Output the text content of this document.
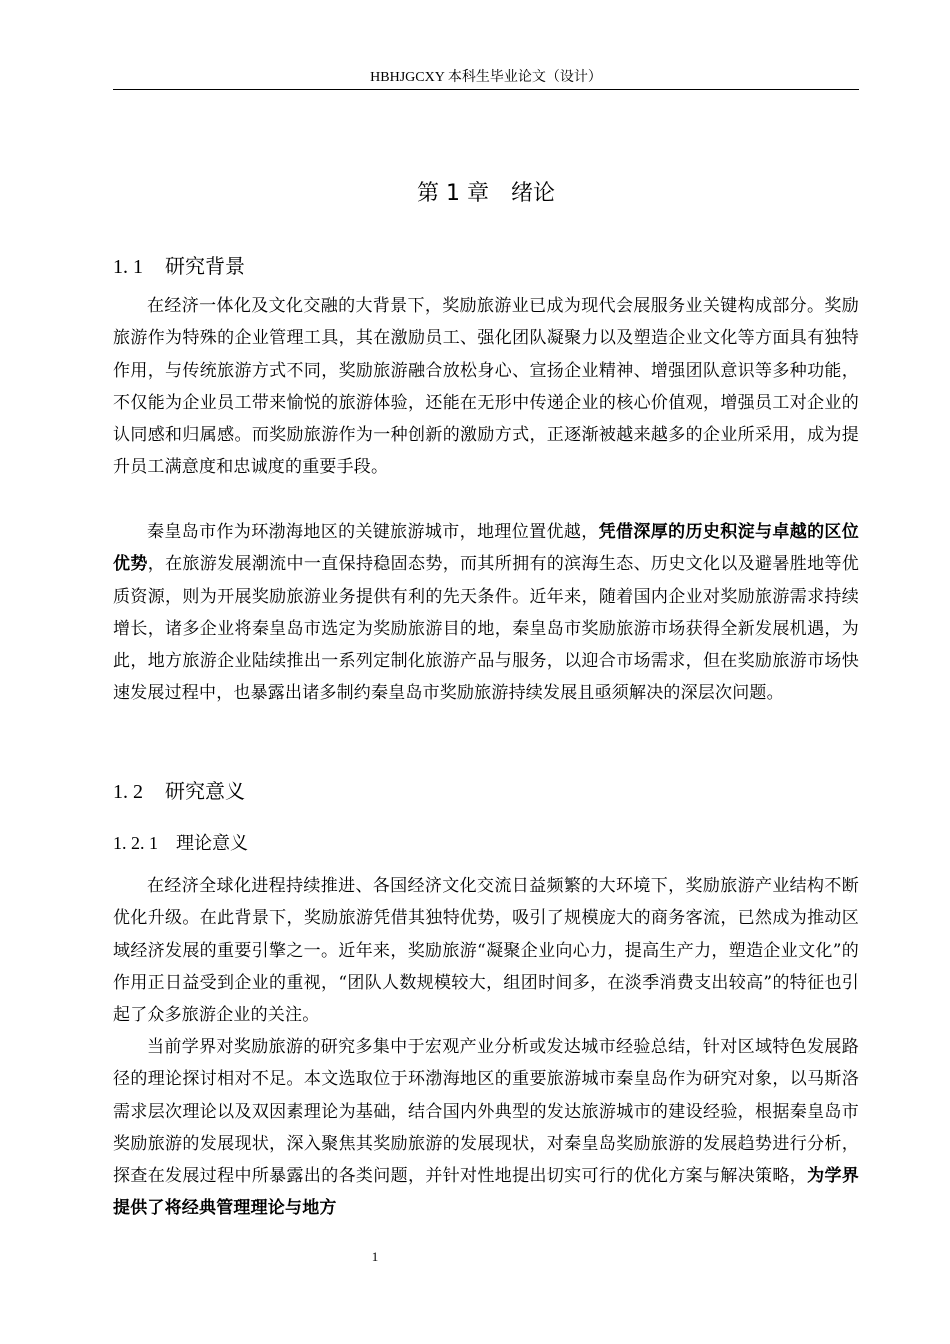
HBHJGCXY 本科生毕业论文（设计）
第 1 章 绪论
1. 1 研究背景

在经济一体化及文化交融的大背景下，奖励旅游业已成为现代会展服务业关键构成部分。奖励旅游作为特殊的企业管理工具，其在激励员工、强化团队凝聚力以及塑造企业文化等方面具有独特作用，与传统旅游方式不同，奖励旅游融合放松身心、宣扬企业精神、增强团队意识等多种功能，不仅能为企业员工带来愉悦的旅游体验，还能在无形中传递企业的核心价值观，增强员工对企业的认同感和归属感。而奖励旅游作为一种创新的激励方式，正逐渐被越来越多的企业所采用，成为提升员工满意度和忠诚度的重要手段。

秦皇岛市作为环渤海地区的关键旅游城市，地理位置优越，凭借深厚的历史积淀与卓越的区位优势，在旅游发展潮流中一直保持稳固态势，而其所拥有的滨海生态、历史文化以及避暑胜地等优质资源，则为开展奖励旅游业务提供有利的先天条件。近年来，随着国内企业对奖励旅游需求持续增长，诸多企业将秦皇岛市选定为奖励旅游目的地，秦皇岛市奖励旅游市场获得全新发展机遇，为此，地方旅游企业陆续推出一系列定制化旅游产品与服务，以迎合市场需求，但在奖励旅游市场快速发展过程中，也暴露出诸多制约秦皇岛市奖励旅游持续发展且亟须解决的深层次问题。

1. 2 研究意义
1. 2. 1 理论意义

在经济全球化进程持续推进、各国经济文化交流日益频繁的大环境下，奖励旅游产业结构不断优化升级。在此背景下，奖励旅游凭借其独特优势，吸引了规模庞大的商务客流，已然成为推动区域经济发展的重要引擎之一。近年来，奖励旅游“凝聚企业向心力，提高生产力，塑造企业文化”的作用正日益受到企业的重视，“团队人数规模较大，组团时间多，在淡季消费支出较高”的特征也引起了众多旅游企业的关注。

当前学界对奖励旅游的研究多集中于宏观产业分析或发达城市经验总结，针对区域特色发展路径的理论探讨相对不足。本文选取位于环渤海地区的重要旅游城市秦皇岛作为研究对象，以马斯洛需求层次理论以及双因素理论为基础，结合国内外典型的发达旅游城市的建设经验，根据秦皇岛市奖励旅游的发展现状，深入聚焦其奖励旅游的发展现状，对秦皇岛奖励旅游的发展趋势进行分析，探查在发展过程中所暴露出的各类问题，并针对性地提出切实可行的优化方案与解决策略，为学界提供了将经典管理理论与地方

1
